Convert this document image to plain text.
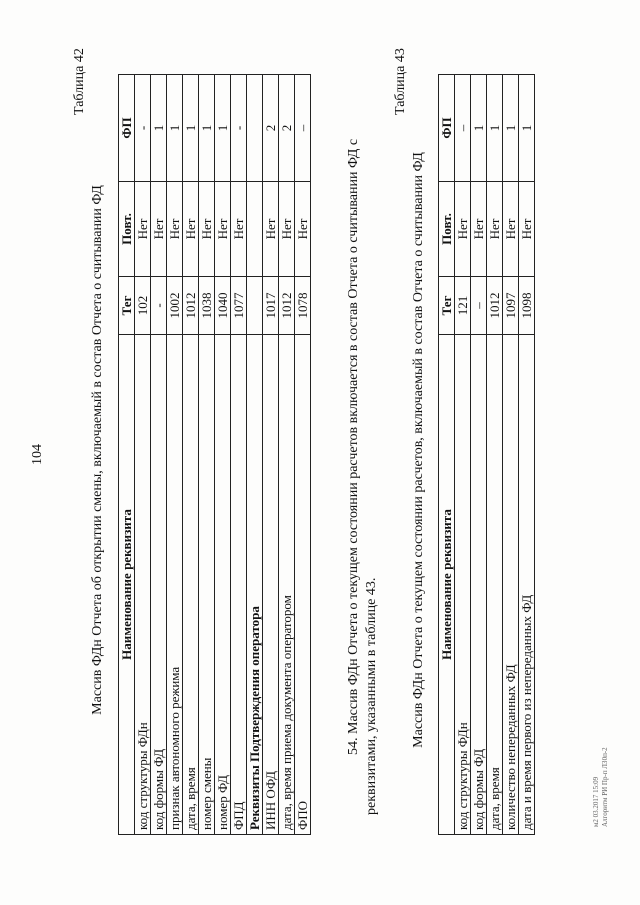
104
Таблица 42
Массив ФДн Отчета об открытии смены, включаемый в состав Отчета о считывании ФД Наименование реквизита	Тег	Повт.	ФП
код структуры ФДн	102	Нет	-
код формы ФД	-	Нет	1
признак автономного режима	1002	Нет	1
дата, время	1012	Нет	1
номер смены	1038	Нет	1
номер ФД	1040	Нет	1
ФПД	1077	Нет	-
Реквизиты Подтверждения оператора			
ИНН ОФД	1017	Нет	2
дата, время приема документа оператором	1012	Нет	2
ФПО	1078	Нет	–
54. Массив ФДн Отчета о текущем состоянии расчетов включается в состав Отчета о считывании ФД с реквизитами, указанными в таблице 43.
Таблица 43
Массив ФДн Отчета о текущем состоянии расчетов, включаемый в состав Отчета о считывании ФД Наименование реквизита	Тег	Повт.	ФП
код структуры ФДн	121	Нет	–
код формы ФД	–	Нет	1
дата, время	1012	Нет	1
количество непереданных ФД	1097	Нет	1
дата и время первого из непереданных ФД	1098	Нет	1
м2 03.2017 15:09 Алгоритм РИ Пр-п ЛЗ0п-2
